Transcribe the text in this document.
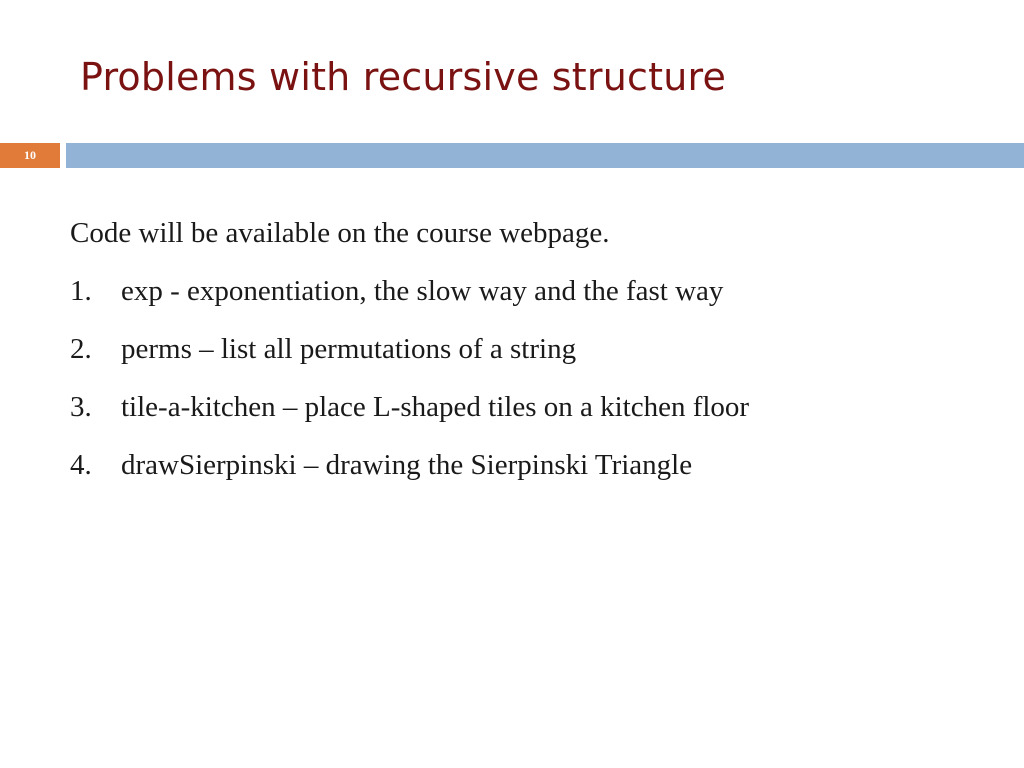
Problems with recursive structure
10
Code will be available on the course webpage.
1.	exp - exponentiation, the slow way and the fast way
2.	perms – list all permutations of a string
3.	tile-a-kitchen – place L-shaped tiles on a kitchen floor
4.	drawSierpinski – drawing the Sierpinski Triangle
